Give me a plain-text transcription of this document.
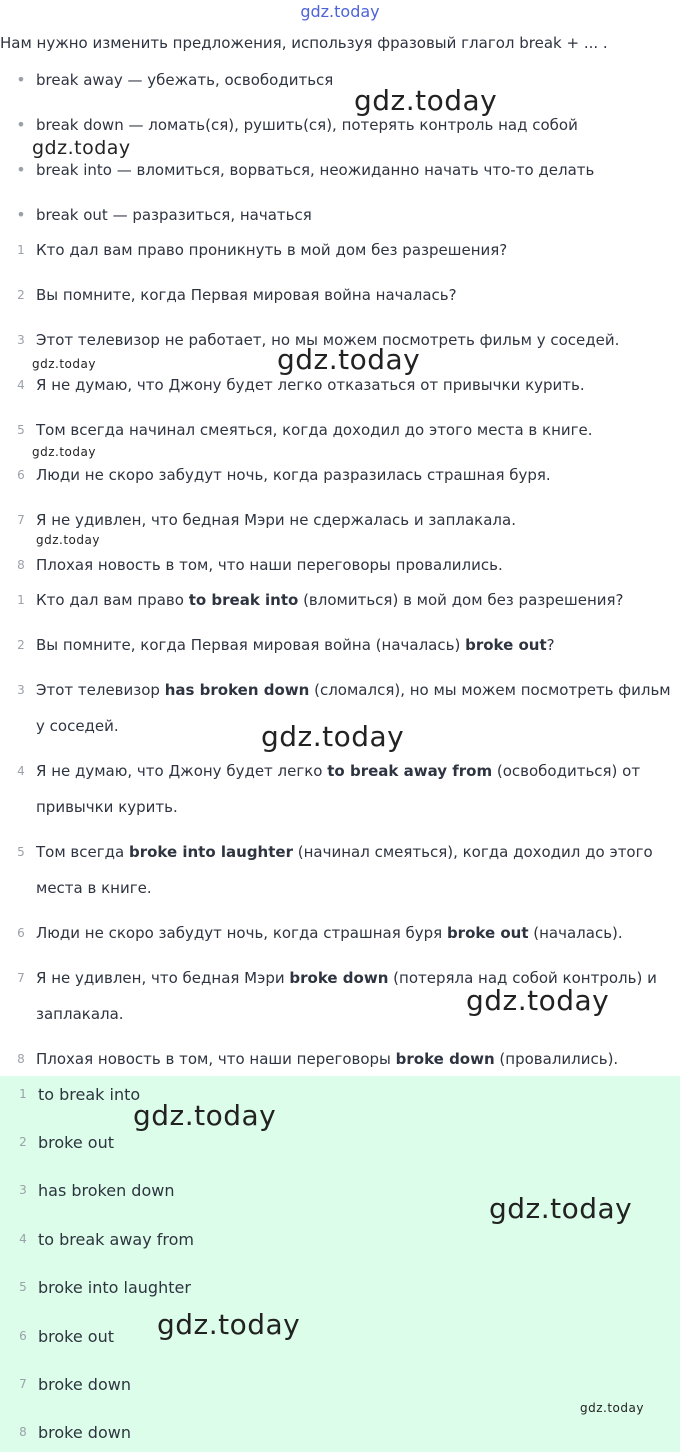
gdz.today
Нам нужно изменить предложения, используя фразовый глагол break + ... .
• break away — убежать, освободиться
• break down — ломать(ся), рушить(ся), потерять контроль над собой
• break into — вломиться, ворваться, неожиданно начать что-то делать
• break out — разразиться, начаться
1 Кто дал вам право проникнуть в мой дом без разрешения?
2 Вы помните, когда Первая мировая война началась?
3 Этот телевизор не работает, но мы можем посмотреть фильм у соседей.
4 Я не думаю, что Джону будет легко отказаться от привычки курить.
5 Том всегда начинал смеяться, когда доходил до этого места в книге.
6 Люди не скоро забудут ночь, когда разразилась страшная буря.
7 Я не удивлен, что бедная Мэри не сдержалась и заплакала.
8 Плохая новость в том, что наши переговоры провалились.
1 Кто дал вам право to break into (вломиться) в мой дом без разрешения?
2 Вы помните, когда Первая мировая война (началась) broke out?
3 Этот телевизор has broken down (сломался), но мы можем посмотреть фильм у соседей.
4 Я не думаю, что Джону будет легко to break away from (освободиться) от привычки курить.
5 Том всегда broke into laughter (начинал смеяться), когда доходил до этого места в книге.
6 Люди не скоро забудут ночь, когда страшная буря broke out (началась).
7 Я не удивлен, что бедная Мэри broke down (потеряла над собой контроль) и заплакала.
8 Плохая новость в том, что наши переговоры broke down (провалились).
1 to break into
2 broke out
3 has broken down
4 to break away from
5 broke into laughter
6 broke out
7 broke down
8 broke down
gdz.today
gdz.today
gdz.today	gdz.today
gdz.today
gdz.today
gdz.today
gdz.today
gdz.today
gdz.today
gdz.today
gdz.today
